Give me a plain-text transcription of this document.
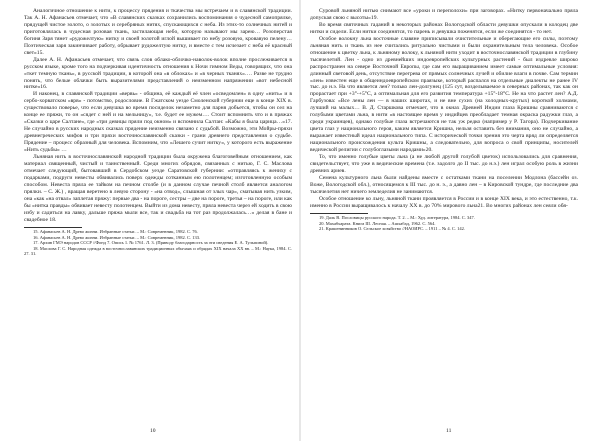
Аналогичное отношение к нити, к процессу прядения и ткачества мы встречаем и в славянской традиции. Так А. Н. Афанасьев отмечает, что «В славянских сказках сохранились воспоминания о чудесной самопрялке, прядущей чистое золото, о золотых и серебряных нитях, спускающихся с неба. Из этих-то солнечных нитей и приготовлялась в чудесная розовая ткань, застилающая небо, которую называют мы зарею… Розоперстая богиня Заря тянет «рудожелтую» нитку и своей золотой иглой вышивает по небу розовую, кровавую пелену… Поэтическая заря закинчивает работу, обрывает рудожелтую нитку, и вместе с тем исчезает с неба её красный свет»15.

Далее А. Н. Афанасьев отмечает, что связь слов облако-облочко-наволок-волок вполне прослеживается в русском языке, кроме того на подчеркивая идентичность отношения к Ночи гимном Веды, говорящих, что она «ткет темную ткань», в русской традиции, в которой она «в облоках» и «в черных тканях»…. Разве не трудно понять, что белые облачки быть выразителями представлений о неизменном напряжении «вот небесной нитке»16.

И наконец, в славянской традиции «вервь» - община, её каждый её член «осведомлен» в одну «нить» и в сербо-хорватском «врв» - потомство, родословие. В Гжатском уезде Смоленской губернии еще в конце XIX в. существовало поверье, что если девушка во время посиделок незаметно для парня добьется, чтобы он сел на конце ее пряжи, то он «сядет с ней и на мельницу», т.е. будет ее мужем…. Стоит вспомнить что и в пряжах «Сказки о царе Салтане», где «три девицы пряли под окном» и вспомнила Салтан: «Кабы я была царица…»17. Не случайно в русских народных сказках прядение неизменно связано с судьбой. Возможно, эти Мойры-пряхи древнегреческих мифов и три пряхи восточнославянской сказки - грани древнего представления о судьбе. Прядение – процесс образный для человека. Вспомним, что «Лешего сучит нитку», у которого есть выражение «Нить судьбы» …

Льняная нить в восточнославянской народной традиции была окружена благоговейным отношением, как материал священный, чистый и таинственный. Среди многих обрядов, связанных с нитью, Г. С. Маслова отмечает следующий, бытовавший в Сердобском уезде Саратовской губернии: «отправляясь к жениху с подарками, подруги невесты обвивались поверх одежды сотканным ею полотенцем; изготовленную особым способом. Невеста пряла ее тайком на печном столбе (и в данном случае печной столб является аналогом прялки. – С. Ж.) , вращая веретено в левую сторону - «на отвод», слышная от злых чар», сматывая нить узким, она «как «на отвал» заплетая пряжу: первые два - на пороге, сестры – две на пороге, третья – на пороге, или как бы «нитка правды» обвивает невесту полотенцем. Выйти из дома невесту, пряла невеста через ей ходить в свою избу и садиться на лавку, дальше пряжа мыли все, так и свадьба на тот раз продолжалась…» делая в бане и свадебное 18.

15. Афанасьев А. Н. Древо жизни. Избранные статьи. – М.: Современник, 1982. С. 76.

16. Афанасьев А. Н. Древо жизни. Избранные статьи. – М.: Современник, 1982. С. 133.

17. Архив ГМЭ народов СССР //Фонд 7. Опись 1. № 1761. Л. 3. (Приводу благодарность за эти сведения Е. А. Тульпиной).

18. Маслова Г. С. Народная одежда в восточнославянских традиционных обычаях и обрядах XIX начала XX вв. – М.: Наука, 1984. С. 27. 31.

10

Суровой льняной нитью снимают все «уроки и переполохи» при заговорах. «Нитку первоначально пряла допуская свою с высоты»19.

Во время святочных гаданий в некоторых районах Вологодской области девушки опускали в колодец две нитки и сидели. Если нитки соединятся, то парень и девушка поженятся, если же соединятся - то нет.

Особое волокну льна восточные славяне приписывали очистительные и оберегающие его силы, поэтому льняная нить и ткань из нее считались ритуально чистыми и были охранительным тела человека. Особое отношение к цветку льна, к льняному волоку, к льняной нити уходит в восточнославянской традиции в глубину тысячелетий. Лен - одно из древнейших индоевропейских культурных растений - был издревле широко распространен на севере Восточной Европы, где сам его выращиванием имеет самые оптимальные условия: длинный световой день, отсутствие перегрева от прямых солнечных лучей и обилие влаги в почве. Сам термин «лен» известен еще в общеиндоевропейском праязыке, который распался на отдельные диалекты не ранее IV тыс. до н.э. На что является лен? только лен-долгунец (125 сут, возделываемое в северных районах, так как он прорастает при +3°-+5°С, а оптимальная для его развития температура +15°-18°С. Не на что растет лен? А.Д. Гарбузова: «Все лены лен — в наших широтах, и не вне сухих (на холодных-крутых) короткой холмами, лучший на малых… В. Д. Старшкова отмечает, что в окнах Древней Индии глаза Кришны сравниваются с голубыми цветами льна, в нити «в настоящее время у индийцев преобладает темная окраска радужки глаз, а среди украинцев), однако голубые глаза встречаются не так уж редко (например у Р. Тагора). Подчеркивание цвета глаз у национального героя, каким является Кришна, нельзя оставить без внимания, оно не случайно, а выражает известный идеал национального типа. С исторической точки зрения это черта вряд ли определяется национального происхождения культа Кришны, а следовательно, для вопроса о свой принципы, носителей ведической религии с голубоглазыми народами»20.

То, что именно голубые цветы льна (а не любой другой голубой цветок) использовались для сравнения, свидетельствует, что уже в ведические времена (т.е. задолго до II тыс. до н.э.) лен играл особую роль в жизни древних ариев.

Семена культурного льна были найдены вместе с остатками ткани на поселении Модлона (бассейн оз. Воже, Вологодской обл.), относящемся к III тыс. до н. э., а давно лен – в Кировской тундре, где последние два тысячелетия нет ничего земледелия не занимаются.

Особое отношение ко льну, льняной ткани проявляется в России и в конце XIX века, и это естественно, т.к. именно в России выращивалось к началу XX в. до 70% мирового льна21. Во многих районах лен сеяли обя-

19. Даль В. Пословицы русского народа. Т. 2. – М.: Худ. литература, 1984. С. 347.

20. Махабхарата. Книга III. Лесная. – Ашхабад, 1962. С. 564.

21. Крашенинников О. Сельское хозяйство //НАОИРС. – 1911 – № 4. С. 142.

11
